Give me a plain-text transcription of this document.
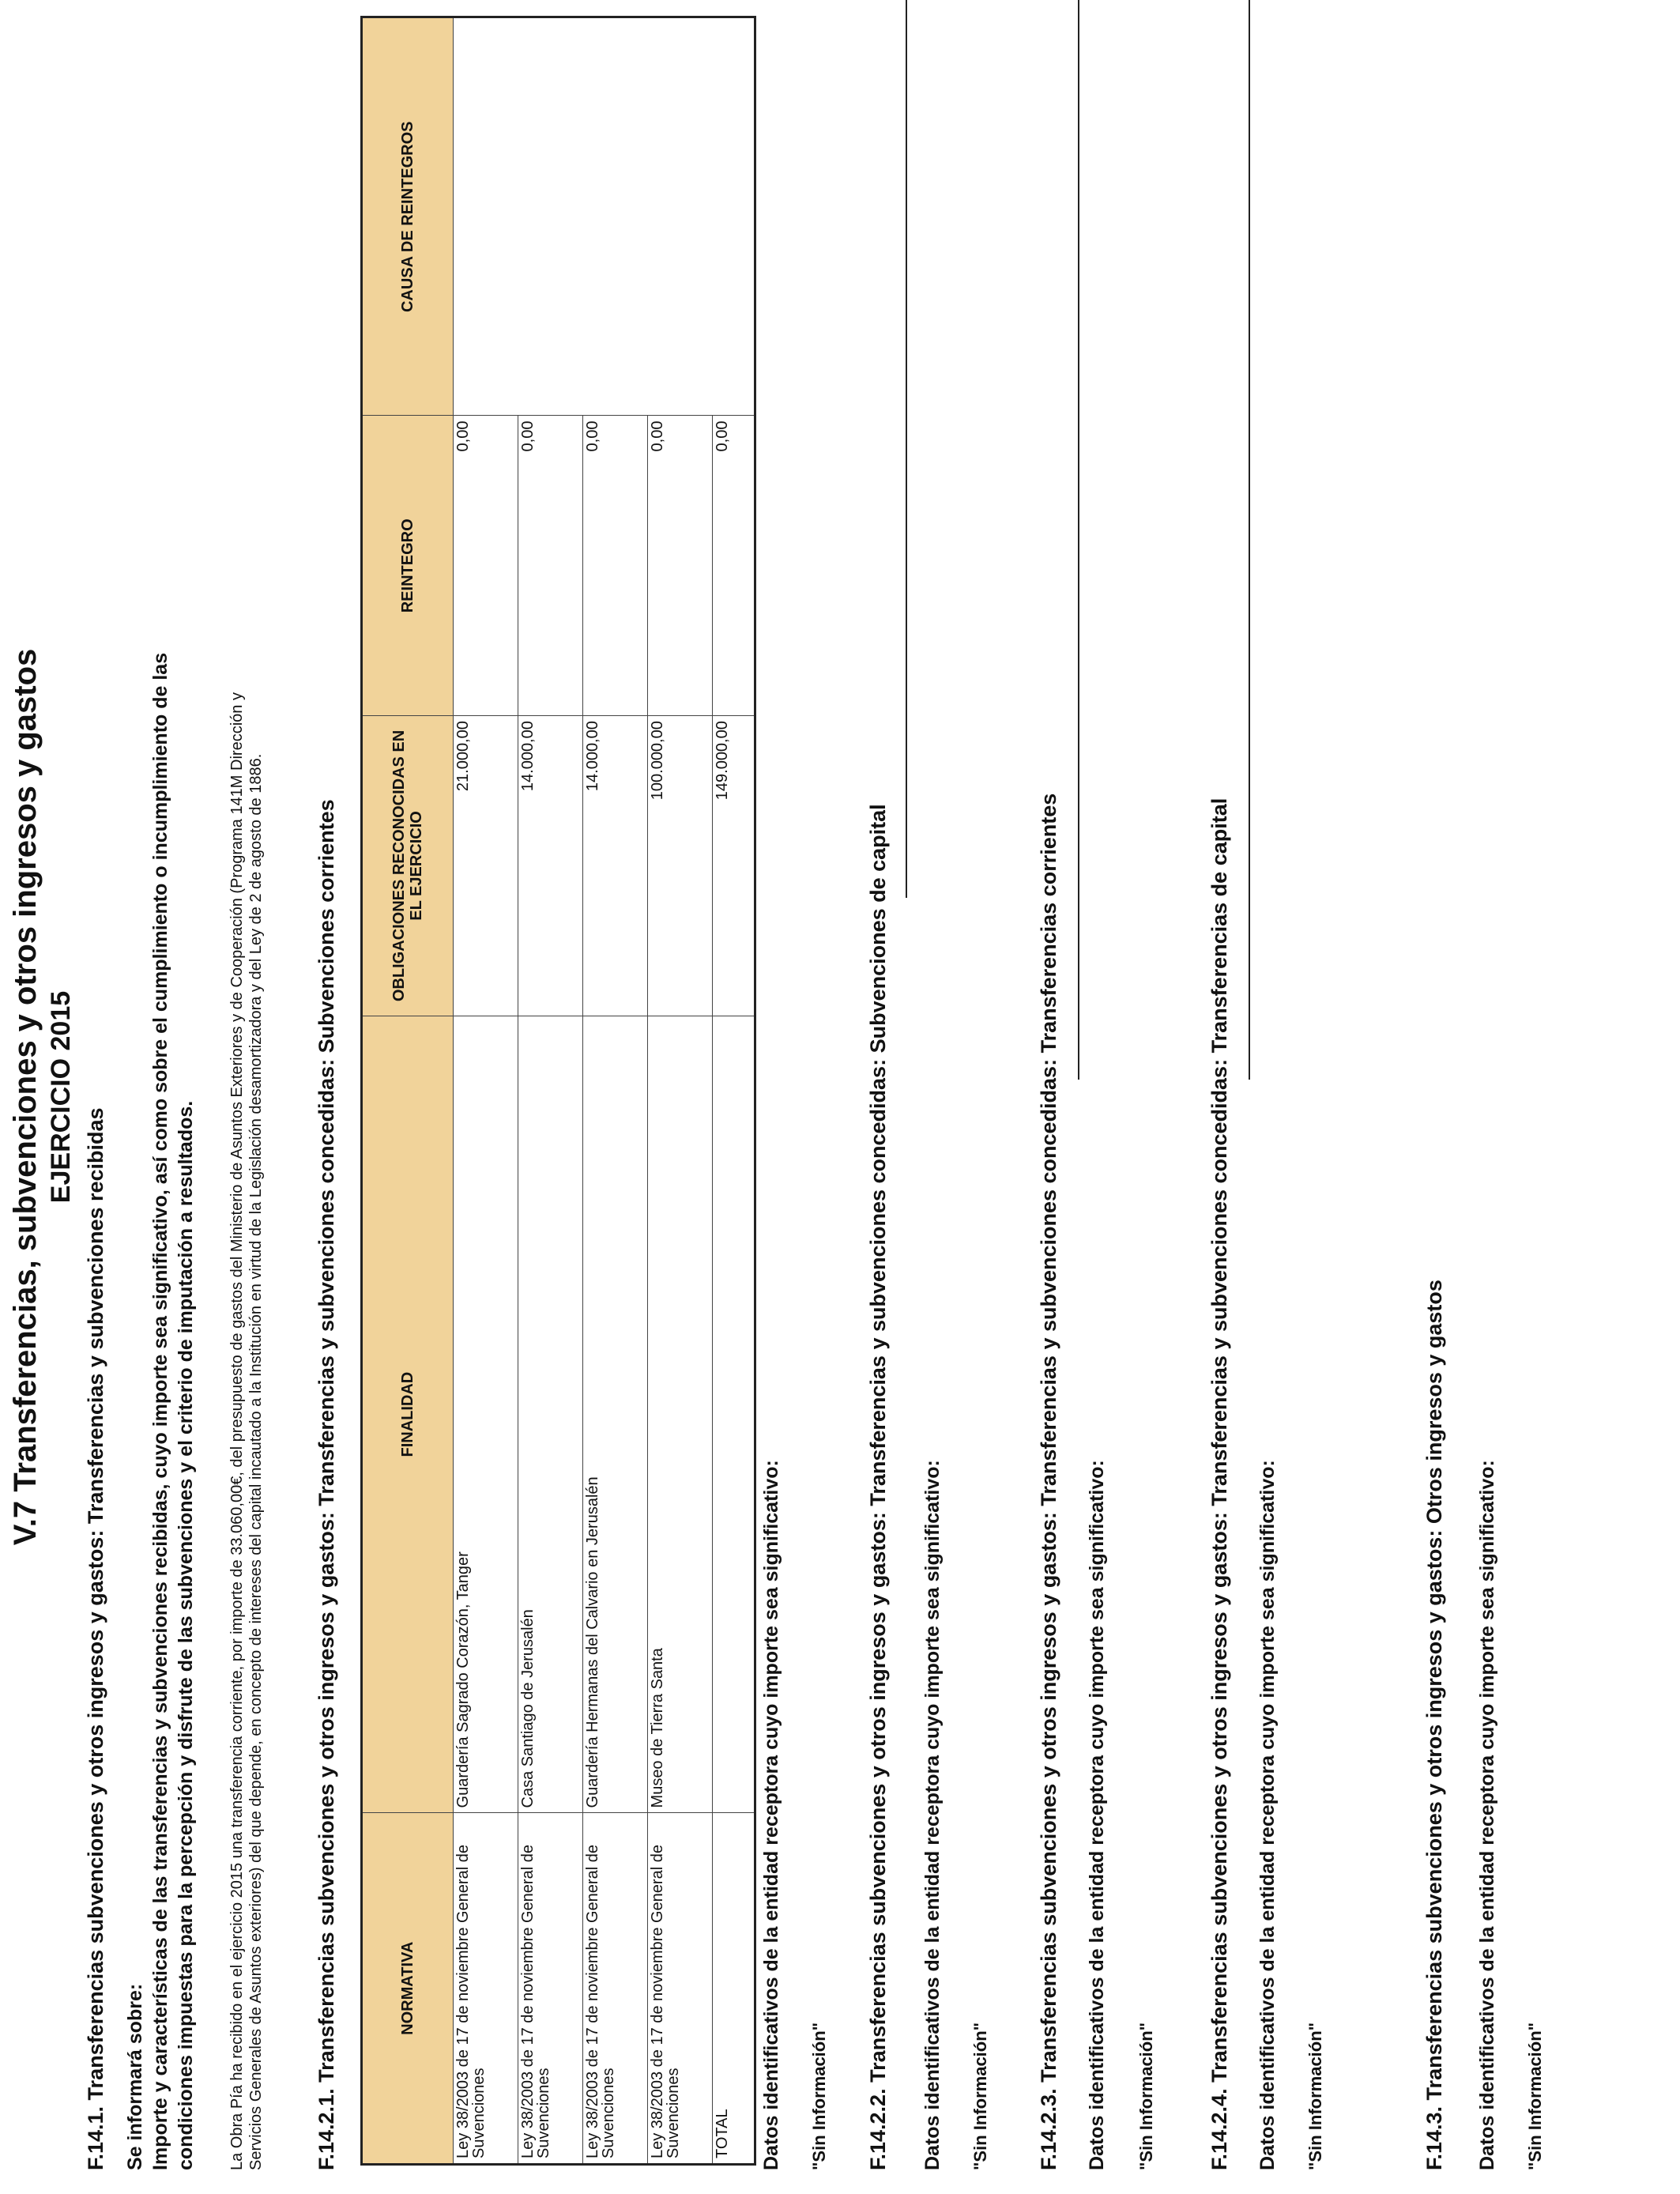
V.7 Transferencias, subvenciones y otros ingresos y gastos EJERCICIO 2015
F.14.1. Transferencias subvenciones y otros ingresos y gastos: Transferencias y subvenciones recibidas Se informará sobre: Importe y características de las transferencias y subvenciones recibidas, cuyo importe sea significativo, así como sobre el cumplimiento o incumplimiento de las condiciones impuestas para la percepción y disfrute de las subvenciones y el criterio de imputación a resultados. La Obra Pía ha recibido en el ejercicio 2015 una transferencia corriente, por importe de 33.060,00€, del presupuesto de gastos del Ministerio de Asuntos Exteriores y de Cooperación (Programa 141M Dirección y Servicios Generales de Asuntos exteriores) del que depende, en concepto de intereses del capital incautado a la Institución en virtud de la Legislación desamortizadora y del Ley de 2 de agosto de 1886. F.14.2.1. Transferencias subvenciones y otros ingresos y gastos: Transferencias y subvenciones concedidas: Subvenciones corrientes	NORMATIVA	FINALIDAD	OBLIGACIONES RECONOCIDAS EN EL EJERCICIO	REINTEGRO	CAUSA DE REINTEGROS
Ley 38/2003 de 17 de noviembre General de Suvenciones	Guardería Sagrado Corazón, Tanger	21.000,00	0,00	
Ley 38/2003 de 17 de noviembre General de Suvenciones	Casa Santiago de Jerusalén	14.000,00	0,00	
Ley 38/2003 de 17 de noviembre General de Suvenciones	Guardería Hermanas del Calvario en Jerusalén	14.000,00	0,00	
Ley 38/2003 de 17 de noviembre General de Suvenciones	Museo de Tierra Santa	100.000,00	0,00	
TOTAL		149.000,00	0,00	
Datos identificativos de la entidad receptora cuyo importe sea significativo: "Sin Información" F.14.2.2. Transferencias subvenciones y otros ingresos y gastos: Transferencias y subvenciones concedidas: Subvenciones de capital Datos identificativos de la entidad receptora cuyo importe sea significativo: "Sin Información" F.14.2.3. Transferencias subvenciones y otros ingresos y gastos: Transferencias y subvenciones concedidas: Transferencias corrientes Datos identificativos de la entidad receptora cuyo importe sea significativo: "Sin Información" F.14.2.4. Transferencias subvenciones y otros ingresos y gastos: Transferencias y subvenciones concedidas: Transferencias de capital Datos identificativos de la entidad receptora cuyo importe sea significativo: "Sin Información"	F.14.3. Transferencias subvenciones y otros ingresos y gastos: Otros ingresos y gastos Datos identificativos de la entidad receptora cuyo importe sea significativo: "Sin Información"
